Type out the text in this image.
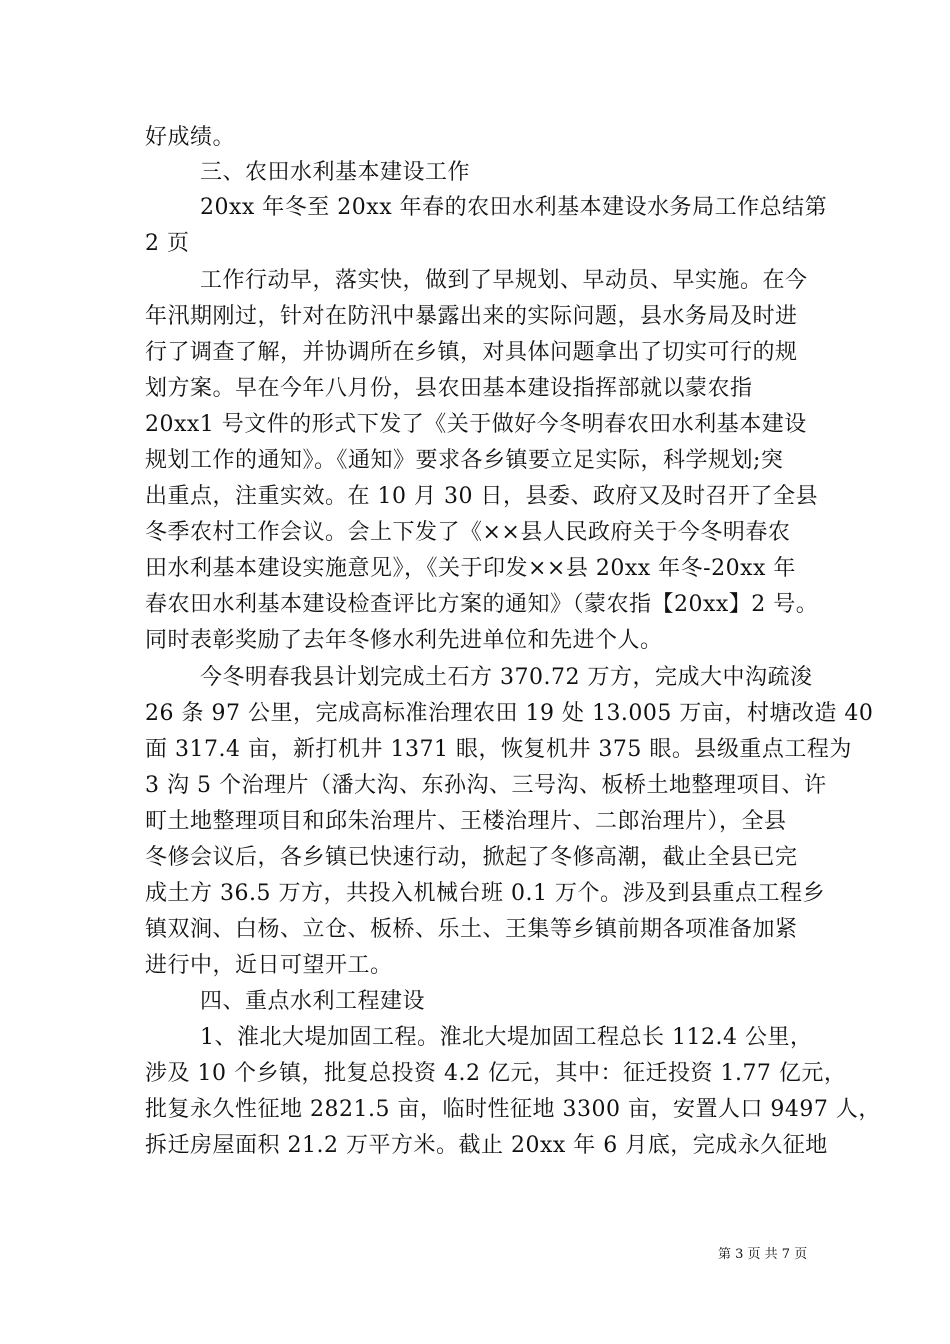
好成绩。
三、农田水利基本建设工作
20xx 年冬至 20xx 年春的农田水利基本建设水务局工作总结第
2 页
工作行动早，落实快，做到了早规划、早动员、早实施。在今
年汛期刚过，针对在防汛中暴露出来的实际问题，县水务局及时进
行了调查了解，并协调所在乡镇，对具体问题拿出了切实可行的规
划方案。早在今年八月份，县农田基本建设指挥部就以蒙农指
20xx1 号文件的形式下发了《关于做好今冬明春农田水利基本建设
规划工作的通知》。《通知》要求各乡镇要立足实际，科学规划;突
出重点，注重实效。在 10 月 30 日，县委、政府又及时召开了全县
冬季农村工作会议。会上下发了《××县人民政府关于今冬明春农
田水利基本建设实施意见》，《关于印发××县 20xx 年冬-20xx 年
春农田水利基本建设检查评比方案的通知》（蒙农指【20xx】2 号。
同时表彰奖励了去年冬修水利先进单位和先进个人。
今冬明春我县计划完成土石方 370.72 万方，完成大中沟疏浚
26 条 97 公里，完成高标准治理农田 19 处 13.005 万亩，村塘改造 40
面 317.4 亩，新打机井 1371 眼，恢复机井 375 眼。县级重点工程为
3 沟 5 个治理片（潘大沟、东孙沟、三号沟、板桥土地整理项目、许
町土地整理项目和邱朱治理片、王楼治理片、二郎治理片），全县
冬修会议后，各乡镇已快速行动，掀起了冬修高潮，截止全县已完
成土方 36.5 万方，共投入机械台班 0.1 万个。涉及到县重点工程乡
镇双涧、白杨、立仓、板桥、乐土、王集等乡镇前期各项准备加紧
进行中，近日可望开工。
四、重点水利工程建设
1、淮北大堤加固工程。淮北大堤加固工程总长 112.4 公里，
涉及 10 个乡镇，批复总投资 4.2 亿元，其中：征迁投资 1.77 亿元，
批复永久性征地 2821.5 亩，临时性征地 3300 亩，安置人口 9497 人，
拆迁房屋面积 21.2 万平方米。截止 20xx 年 6 月底，完成永久征地
第 3 页 共 7 页
